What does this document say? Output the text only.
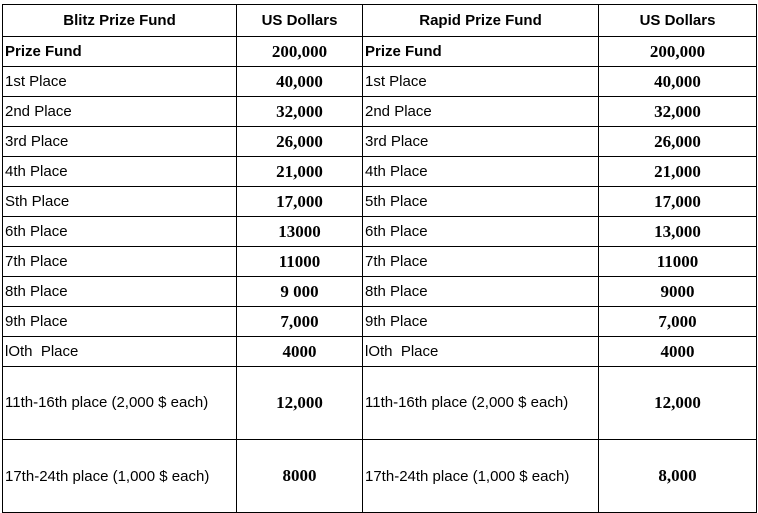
Blitz Prize Fund	US Dollars	Rapid Prize Fund	US Dollars
Prize Fund	200,000	Prize Fund	200,000
1st Place	40,000	1st Place	40,000
2nd Place	32,000	2nd Place	32,000
3rd Place	26,000	3rd Place	26,000
4th Place	21,000	4th Place	21,000
Sth Place	17,000	5th Place	17,000
6th Place	13000	6th Place	13,000
7th Place	11000	7th Place	11000
8th Place	9 000	8th Place	9000
9th Place	7,000	9th Place	7,000
lOth  Place	4000	lOth  Place	4000
11th-16th place (2,000 $ each)	12,000	11th-16th place (2,000 $ each)	12,000
17th-24th place (1,000 $ each)	8000	17th-24th place (1,000 $ each)	8,000
